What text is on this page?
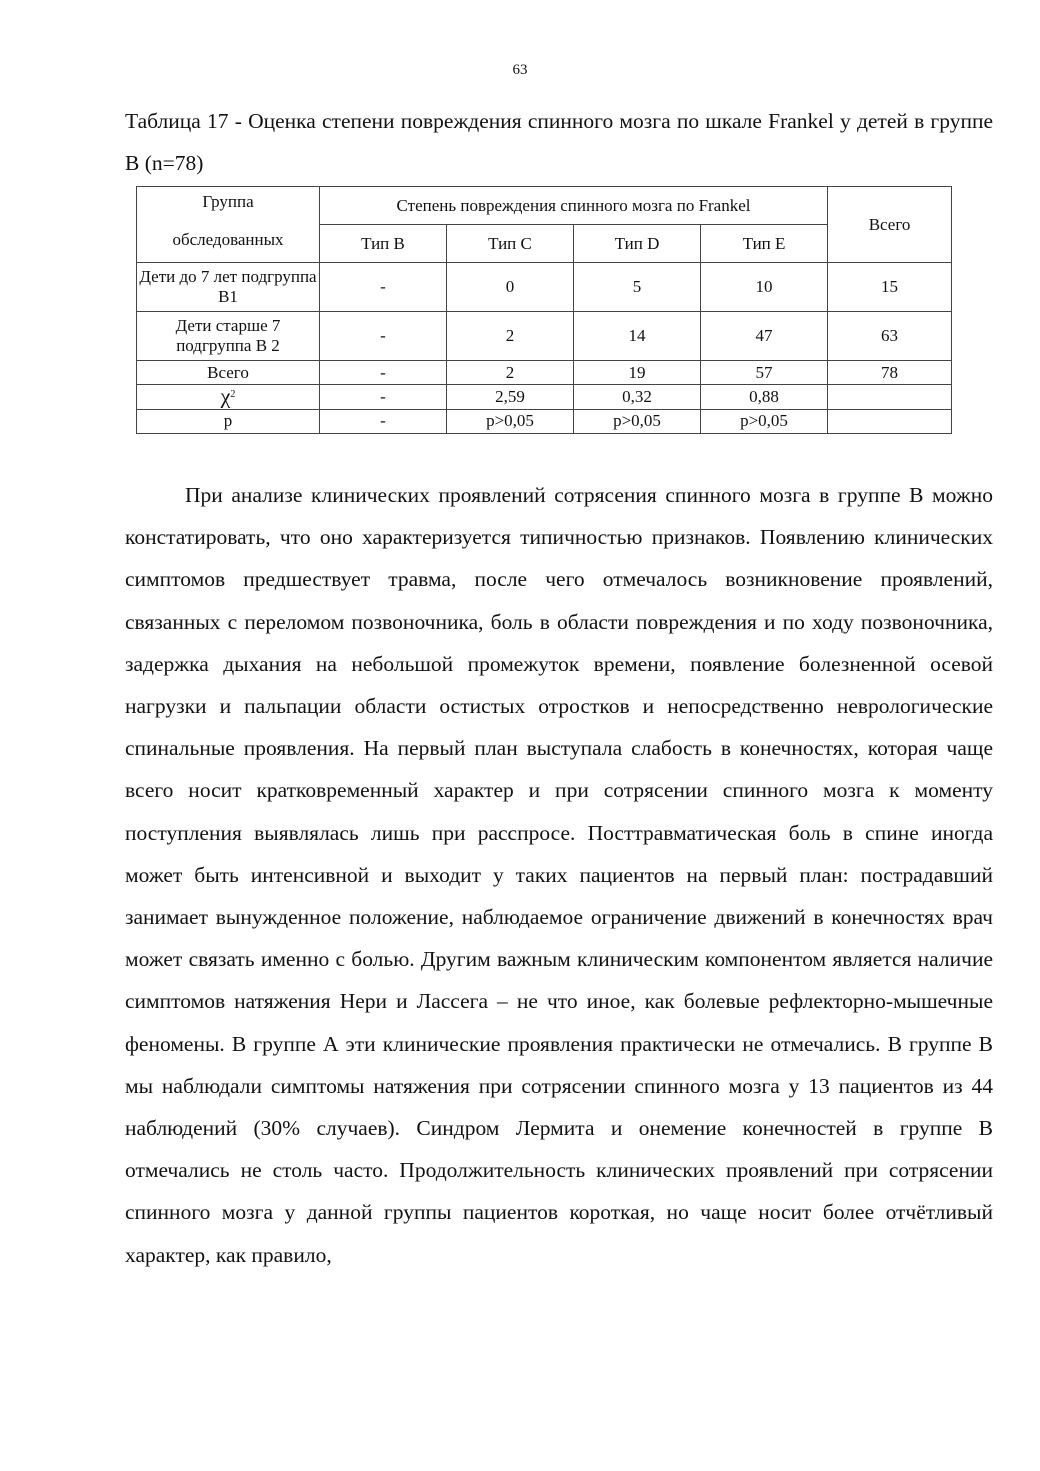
63
Таблица 17 - Оценка степени повреждения спинного мозга по шкале Frankel у детей в группе B (n=78)
Группа
обследованных	Степень повреждения спинного мозга по Frankel				Всего
	Тип B	Тип C	Тип D	Тип E	
Дети до 7 лет подгруппа B1	-	0	5	10	15
Дети старше 7 подгруппа B 2	-	2	14	47	63
Всего	-	2	19	57	78
$\chi^2$	-	2,59	0,32	0,88	
p	-	p>0,05	p>0,05	p>0,05	

При анализе клинических проявлений сотрясения спинного мозга в группе B можно констатировать, что оно характеризуется типичностью признаков. Появлению клинических симптомов предшествует травма, после чего отмечалось возникновение проявлений, связанных с переломом позвоночника, боль в области повреждения и по ходу позвоночника, задержка дыхания на небольшой промежуток времени, появление болезненной осевой нагрузки и пальпации области остистых отростков и непосредственно неврологические спинальные проявления. На первый план выступала слабость в конечностях, которая чаще всего носит кратковременный характер и при сотрясении спинного мозга к моменту поступления выявлялась лишь при расспросе. Посттравматическая боль в спине иногда может быть интенсивной и выходит у таких пациентов на первый план: пострадавший занимает вынужденное положение, наблюдаемое ограничение движений в конечностях врач может связать именно с болью. Другим важным клиническим компонентом является наличие симптомов натяжения Нери и Лассега – не что иное, как болевые рефлекторно-мышечные феномены. В группе А эти клинические проявления практически не отмечались. В группе B мы наблюдали симптомы натяжения при сотрясении спинного мозга у 13 пациентов из 44 наблюдений (30% случаев). Синдром Лермита и онемение конечностей в группе B отмечались не столь часто. Продолжительность клинических проявлений при сотрясении спинного мозга у данной группы пациентов короткая, но чаще носит более отчётливый характер, как правило,
